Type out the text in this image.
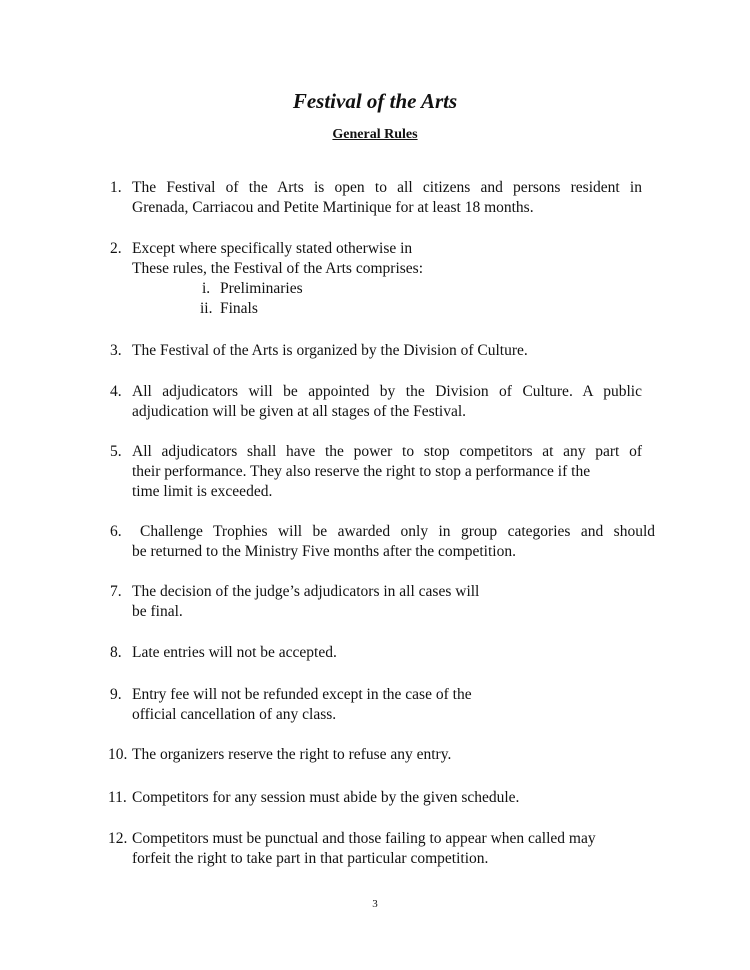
Festival of the Arts
General Rules
1. The Festival of the Arts is open to all citizens and persons resident in
Grenada, Carriacou and Petite Martinique for at least 18 months.
2. Except where specifically stated otherwise in
These rules, the Festival of the Arts comprises:
i. Preliminaries
ii. Finals
3. The Festival of the Arts is organized by the Division of Culture.
4. All adjudicators will be appointed by the Division of Culture. A public
adjudication will be given at all stages of the Festival.
5. All adjudicators shall have the power to stop competitors at any part of
their performance. They also reserve the right to stop a performance if the
time limit is exceeded.
6. Challenge Trophies will be awarded only in group categories and should
be returned to the Ministry Five months after the competition.
7. The decision of the judge’s adjudicators in all cases will
be final.
8. Late entries will not be accepted.
9. Entry fee will not be refunded except in the case of the
official cancellation of any class.
10. The organizers reserve the right to refuse any entry.
11. Competitors for any session must abide by the given schedule.
12. Competitors must be punctual and those failing to appear when called may
forfeit the right to take part in that particular competition.
3
